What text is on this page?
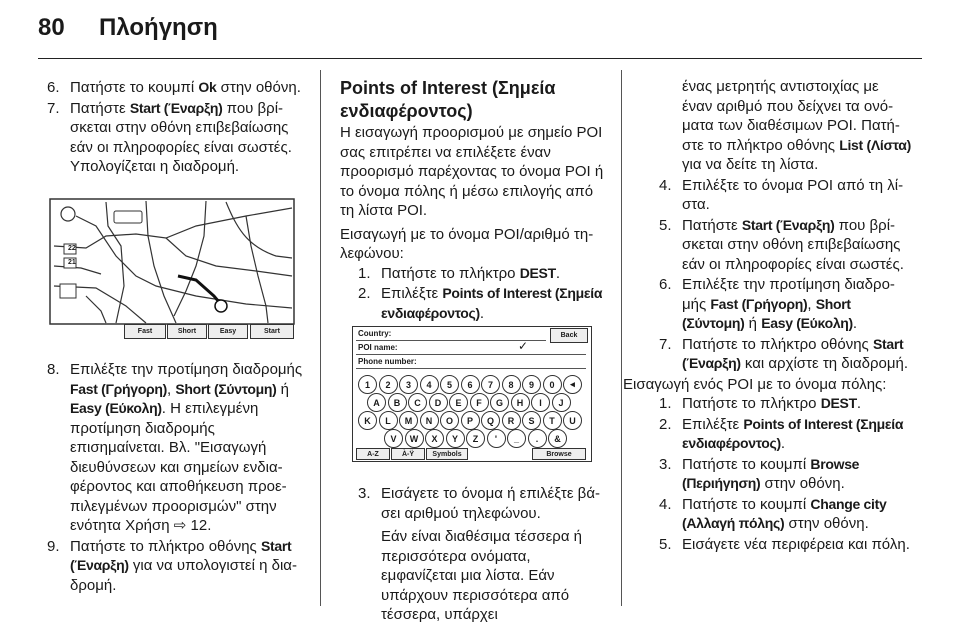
80 Πλοήγηση
6. Πατήστε το κουμπί Ok στην οθόνη.
7. Πατήστε Start (Έναρξη) που βρίσκεται στην οθόνη επιβεβαίωσης εάν οι πληροφορίες είναι σωστές. Υπολογίζεται η διαδρομή.
22
21
Fast	Short	Easy	Start
8. Επιλέξτε την προτίμηση διαδρομής Fast (Γρήγορη), Short (Σύντομη) ή Easy (Εύκολη). Η επιλεγμένη προτίμηση διαδρομής επισημαίνεται. Βλ. "Εισαγωγή διευθύνσεων και σημείων ενδιαφέροντος και αποθήκευση προεπιλεγμένων προορισμών" στην ενότητα Χρήση ⇨ 12.
9. Πατήστε το πλήκτρο οθόνης Start (Έναρξη) για να υπολογιστεί η διαδρομή.

Points of Interest (Σημεία ενδιαφέροντος)

Η εισαγωγή προορισμού με σημείο POI σας επιτρέπει να επιλέξετε έναν προορισμό παρέχοντας το όνομα POI ή το όνομα πόλης ή μέσω επιλογής από τη λίστα POI.

Εισαγωγή με το όνομα POI/αριθμό τηλεφώνου:

1. Πατήστε το πλήκτρο DEST.
2. Επιλέξτε Points of Interest (Σημεία ενδιαφέροντος).
Country:	Back
POI name:	✓
Phone number:
1	2	3	4	5	6	7	8	9	0	◂
A	B	C	D	E	F	G	H	I	J
K	L	M	N	O	P	Q	R	S	T	U
V	W	X	Y	Z	'	_	.	&
A-Z	À-Ÿ	Symbols	Browse
3. Εισάγετε το όνομα ή επιλέξτε βάσει αριθμού τηλεφώνου.

Εάν είναι διαθέσιμα τέσσερα ή περισσότερα ονόματα, εμφανίζεται μια λίστα. Εάν υπάρχουν περισσότερα από τέσσερα, υπάρχει

ένας μετρητής αντιστοιχίας με έναν αριθμό που δείχνει τα ονόματα των διαθέσιμων POI. Πατήστε το πλήκτρο οθόνης List (Λίστα) για να δείτε τη λίστα.

4. Επιλέξτε το όνομα POI από τη λίστα.
5. Πατήστε Start (Έναρξη) που βρίσκεται στην οθόνη επιβεβαίωσης εάν οι πληροφορίες είναι σωστές.
6. Επιλέξτε την προτίμηση διαδρομής Fast (Γρήγορη), Short (Σύντομη) ή Easy (Εύκολη).
7. Πατήστε το πλήκτρο οθόνης Start (Έναρξη) και αρχίστε τη διαδρομή.

Εισαγωγή ενός POI με το όνομα πόλης:

1. Πατήστε το πλήκτρο DEST.
2. Επιλέξτε Points of Interest (Σημεία ενδιαφέροντος).
3. Πατήστε το κουμπί Browse (Περιήγηση) στην οθόνη.
4. Πατήστε το κουμπί Change city (Αλλαγή πόλης) στην οθόνη.
5. Εισάγετε νέα περιφέρεια και πόλη.
